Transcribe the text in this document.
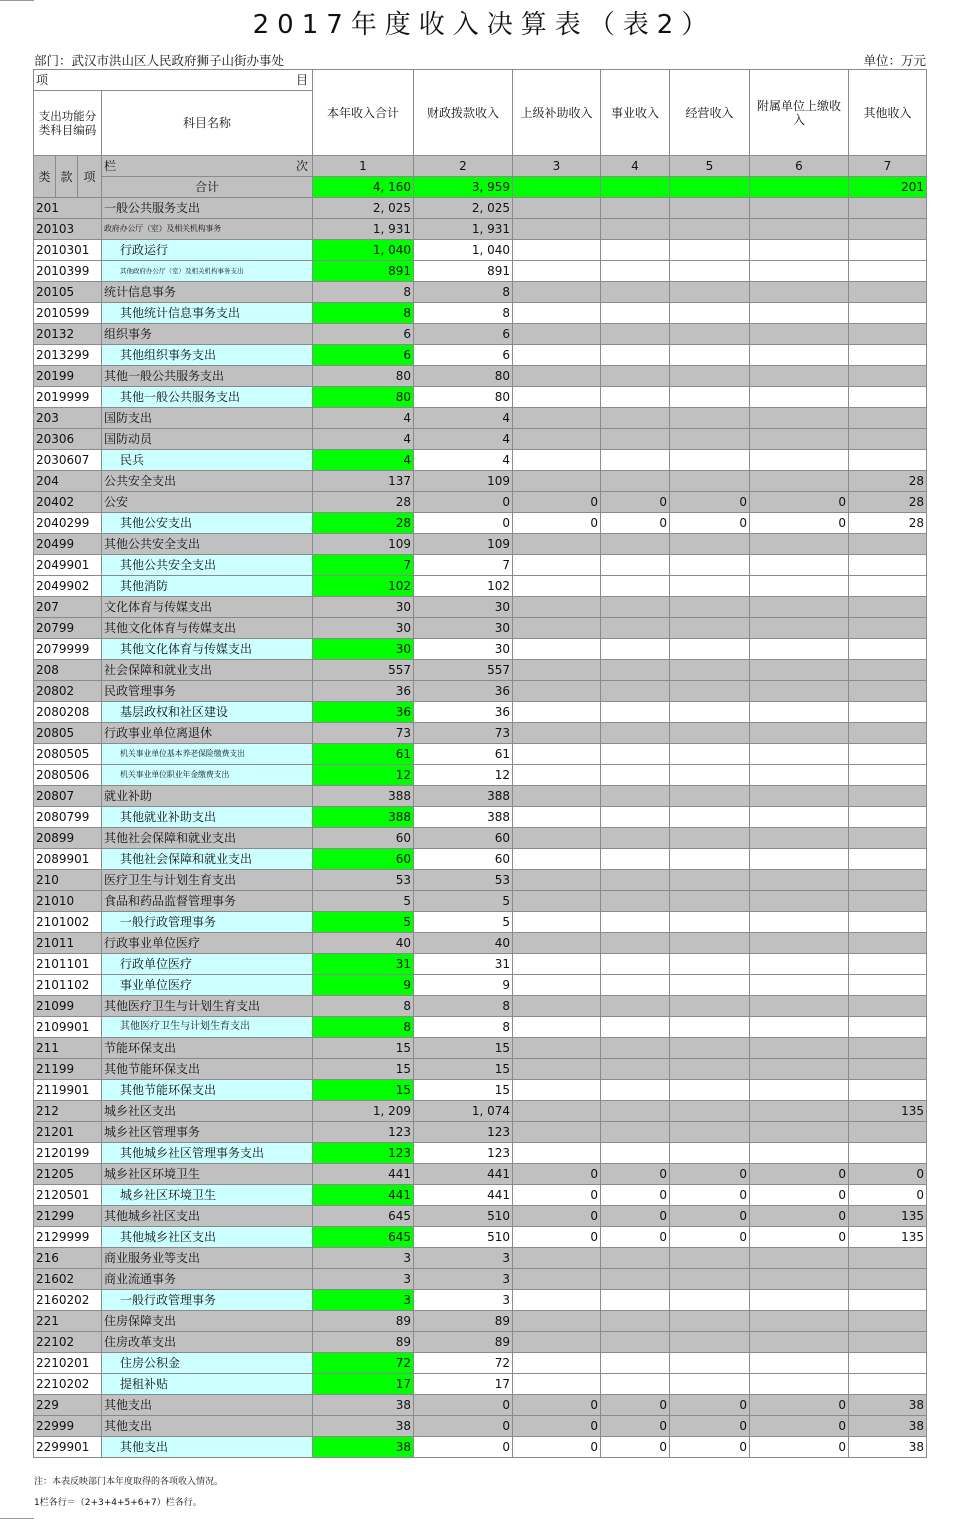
2017年度收入决算表（表2）
部门：武汉市洪山区人民政府狮子山街办事处	单位：万元
项 目				本年收入合计	财政拨款收入	上级补助收入	事业收入	经营收入	附属单位上缴收入	其他收入
支出功能分类科目编码			科目名称							
类	款	项	栏 次	1	2	3	4	5	6	7
			合计	4, 160	3, 959					201
201			一般公共服务支出	2, 025	2, 025					
20103			政府办公厅（室）及相关机构事务	1, 931	1, 931					
2010301			行政运行	1, 040	1, 040					
2010399			其他政府办公厅（室）及相关机构事务支出	891	891					
20105			统计信息事务	8	8					
2010599			其他统计信息事务支出	8	8					
20132			组织事务	6	6					
2013299			其他组织事务支出	6	6					
20199			其他一般公共服务支出	80	80					
2019999			其他一般公共服务支出	80	80					
203			国防支出	4	4					
20306			国防动员	4	4					
2030607			民兵	4	4					
204			公共安全支出	137	109					28
20402			公安	28	0	0	0	0	0	28
2040299			其他公安支出	28	0	0	0	0	0	28
20499			其他公共安全支出	109	109					
2049901			其他公共安全支出	7	7					
2049902			其他消防	102	102					
207			文化体育与传媒支出	30	30					
20799			其他文化体育与传媒支出	30	30					
2079999			其他文化体育与传媒支出	30	30					
208			社会保障和就业支出	557	557					
20802			民政管理事务	36	36					
2080208			基层政权和社区建设	36	36					
20805			行政事业单位离退休	73	73					
2080505			机关事业单位基本养老保险缴费支出	61	61					
2080506			机关事业单位职业年金缴费支出	12	12					
20807			就业补助	388	388					
2080799			其他就业补助支出	388	388					
20899			其他社会保障和就业支出	60	60					
2089901			其他社会保障和就业支出	60	60					
210			医疗卫生与计划生育支出	53	53					
21010			食品和药品监督管理事务	5	5					
2101002			一般行政管理事务	5	5					
21011			行政事业单位医疗	40	40					
2101101			行政单位医疗	31	31					
2101102			事业单位医疗	9	9					
21099			其他医疗卫生与计划生育支出	8	8					
2109901			其他医疗卫生与计划生育支出	8	8					
211			节能环保支出	15	15					
21199			其他节能环保支出	15	15					
2119901			其他节能环保支出	15	15					
212			城乡社区支出	1, 209	1, 074					135
21201			城乡社区管理事务	123	123					
2120199			其他城乡社区管理事务支出	123	123					
21205			城乡社区环境卫生	441	441	0	0	0	0	0
2120501			城乡社区环境卫生	441	441	0	0	0	0	0
21299			其他城乡社区支出	645	510	0	0	0	0	135
2129999			其他城乡社区支出	645	510	0	0	0	0	135
216			商业服务业等支出	3	3					
21602			商业流通事务	3	3					
2160202			一般行政管理事务	3	3					
221			住房保障支出	89	89					
22102			住房改革支出	89	89					
2210201			住房公积金	72	72					
2210202			提租补贴	17	17					
229			其他支出	38	0	0	0	0	0	38
22999			其他支出	38	0	0	0	0	0	38
2299901			其他支出	38	0	0	0	0	0	38
注：本表反映部门本年度取得的各项收入情况。
1栏各行＝（2+3+4+5+6+7）栏各行。
